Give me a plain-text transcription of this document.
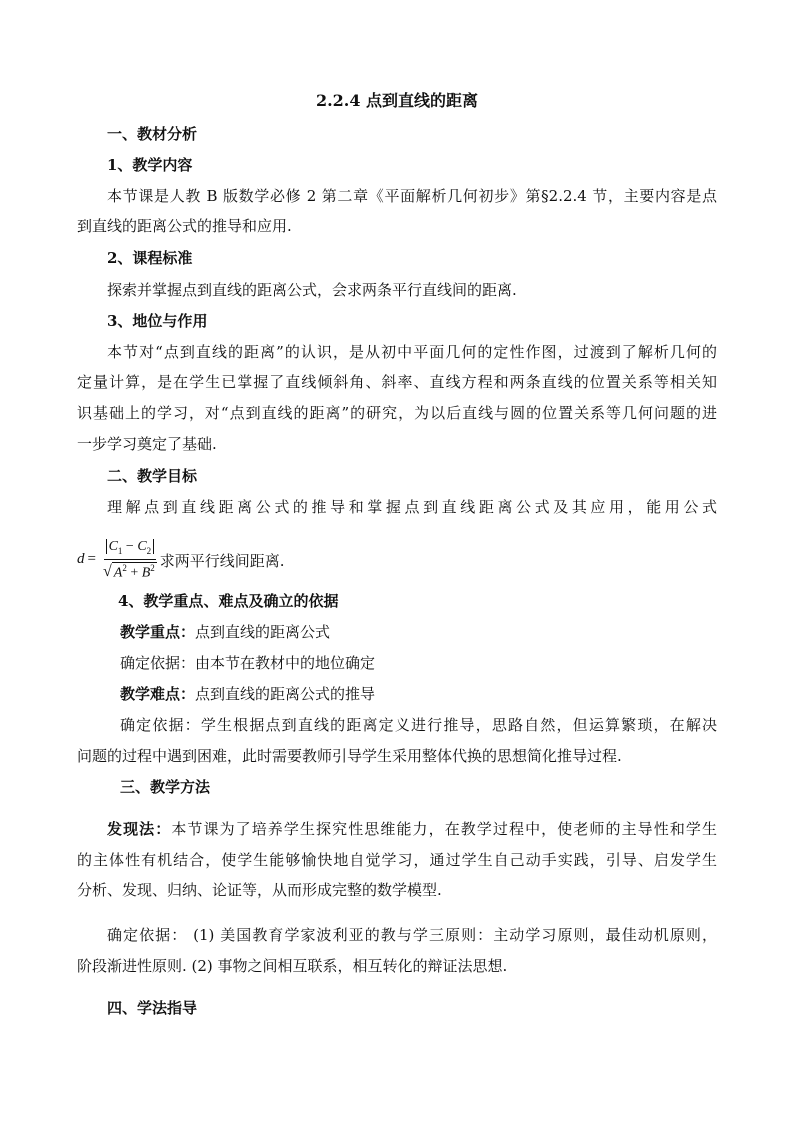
2.2.4 点到直线的距离
一、教材分析
1、教学内容
本节课是人教 B 版数学必修 2 第二章《平面解析几何初步》第§2.2.4 节，主要内容是点
到直线的距离公式的推导和应用.
2、课程标准
探索并掌握点到直线的距离公式，会求两条平行直线间的距离.
3、地位与作用
本节对“点到直线的距离”的认识，是从初中平面几何的定性作图，过渡到了解析几何的
定量计算，是在学生已掌握了直线倾斜角、斜率、直线方程和两条直线的位置关系等相关知
识基础上的学习，对“点到直线的距离”的研究，为以后直线与圆的位置关系等几何问题的进
一步学习奠定了基础.
二、教学目标
理解点到直线距离公式的推导和掌握点到直线距离公式及其应用，能用公式
$d = \frac{C_1 - C_2}{√ A^2 + B^2}$ 求两平行线间距离.
4、教学重点、难点及确立的依据
教学重点：点到直线的距离公式
确定依据：由本节在教材中的地位确定
教学难点：点到直线的距离公式的推导
确定依据：学生根据点到直线的距离定义进行推导，思路自然，但运算繁琐，在解决
问题的过程中遇到困难，此时需要教师引导学生采用整体代换的思想简化推导过程.
三、教学方法
发现法：本节课为了培养学生探究性思维能力，在教学过程中，使老师的主导性和学生
的主体性有机结合，使学生能够愉快地自觉学习，通过学生自己动手实践，引导、启发学生
分析、发现、归纳、论证等，从而形成完整的数学模型.
确定依据： (1) 美国教育学家波利亚的教与学三原则：主动学习原则，最佳动机原则，
阶段渐进性原则. (2) 事物之间相互联系，相互转化的辩证法思想.
四、学法指导
